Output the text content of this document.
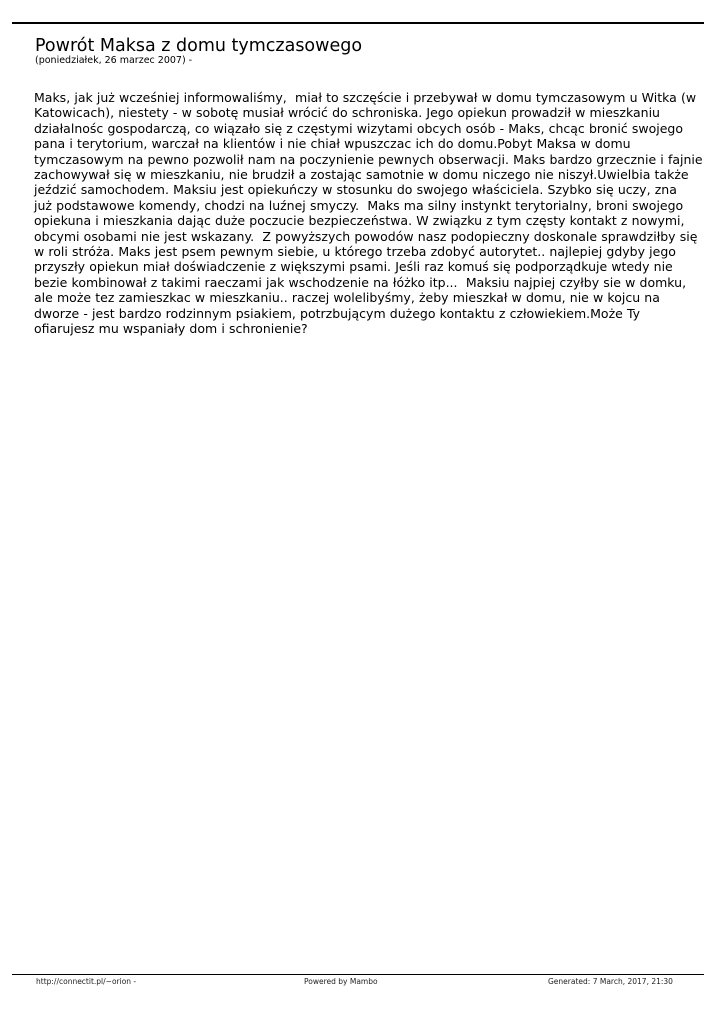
Powrót Maksa z domu tymczasowego
(poniedziałek, 26 marzec 2007) -
Maks, jak już wcześniej informowaliśmy,  miał to szczęście i przebywał w domu tymczasowym u Witka (w
Katowicach), niestety - w sobotę musiał wrócić do schroniska. Jego opiekun prowadził w mieszkaniu
działalnośc gospodarczą, co wiązało się z częstymi wizytami obcych osób - Maks, chcąc bronić swojego
pana i terytorium, warczał na klientów i nie chiał wpuszczac ich do domu.Pobyt Maksa w domu
tymczasowym na pewno pozwolił nam na poczynienie pewnych obserwacji. Maks bardzo grzecznie i fajnie
zachowywał się w mieszkaniu, nie brudził a zostając samotnie w domu niczego nie niszył.Uwielbia także
jeździć samochodem. Maksiu jest opiekuńczy w stosunku do swojego właściciela. Szybko się uczy, zna
już podstawowe komendy, chodzi na luźnej smyczy.  Maks ma silny instynkt terytorialny, broni swojego
opiekuna i mieszkania dając duże poczucie bezpieczeństwa. W związku z tym częsty kontakt z nowymi,
obcymi osobami nie jest wskazany.  Z powyższych powodów nasz podopieczny doskonale sprawdziłby się
w roli stróża. Maks jest psem pewnym siebie, u którego trzeba zdobyć autorytet.. najlepiej gdyby jego
przyszły opiekun miał doświadczenie z większymi psami. Jeśli raz komuś się podporządkuje wtedy nie
bezie kombinował z takimi raeczami jak wschodzenie na łóżko itp...  Maksiu najpiej czyłby sie w domku,
ale może tez zamieszkac w mieszkaniu.. raczej wolelibyśmy, żeby mieszkał w domu, nie w kojcu na
dworze - jest bardzo rodzinnym psiakiem, potrzbującym dużego kontaktu z człowiekiem.Może Ty
ofiarujesz mu wspaniały dom i schronienie?
http://connectit.pl/~orion -	Powered by Mambo	Generated: 7 March, 2017, 21:30
